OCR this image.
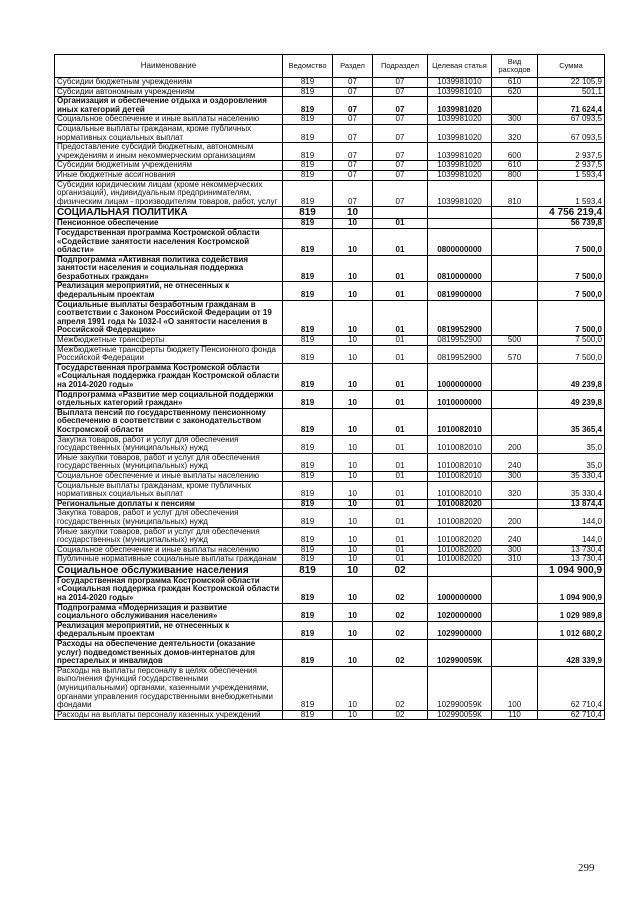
Наименование	Ведомство	Раздел	Подраздел	Целевая статья	Вид расходов	Сумма
Субсидии бюджетным учреждениям	819	07	07	1039981010	610	22 105,9
Субсидии автономным учреждениям	819	07	07	1039981010	620	501,1
Организация и обеспечение отдыха и оздоровления иных категорий детей	819	07	07	1039981020		71 624,4
Социальное обеспечение и иные выплаты населению	819	07	07	1039981020	300	67 093,5
Социальные выплаты гражданам, кроме публичных нормативных социальных выплат	819	07	07	1039981020	320	67 093,5
Предоставление субсидий бюджетным, автономным учреждениям и иным некоммерческим организациям	819	07	07	1039981020	600	2 937,5
Субсидии бюджетным учреждениям	819	07	07	1039981020	610	2 937,5
Иные бюджетные ассигнования	819	07	07	1039981020	800	1 593,4
Субсидии юридическим лицам (кроме некоммерческих организаций), индивидуальным предпринимателям, физическим лицам - производителям товаров, работ, услуг	819	07	07	1039981020	810	1 593,4
СОЦИАЛЬНАЯ ПОЛИТИКА	819	10				4 756 219,4
Пенсионное обеспечение	819	10	01			56 739,8
Государственная программа Костромской области «Содействие занятости населения Костромской области»	819	10	01	0800000000		7 500,0
Подпрограмма «Активная политика содействия занятости населения и социальная поддержка безработных граждан»	819	10	01	0810000000		7 500,0
Реализация мероприятий, не отнесенных к федеральным проектам	819	10	01	0819900000		7 500,0
Социальные выплаты безработным гражданам в соответствии с Законом Российской Федерации от 19 апреля 1991 года № 1032-I «О занятости населения в Российской Федерации»	819	10	01	0819952900		7 500,0
Межбюджетные трансферты	819	10	01	0819952900	500	7 500,0
Межбюджетные трансферты бюджету Пенсионного фонда Российской Федерации	819	10	01	0819952900	570	7 500,0
Государственная программа Костромской области «Социальная поддержка граждан Костромской области на 2014-2020 годы»	819	10	01	1000000000		49 239,8
Подпрограмма «Развитие мер социальной поддержки отдельных категорий граждан»	819	10	01	1010000000		49 239,8
Выплата пенсий по государственному пенсионному обеспечению в соответствии с законодательством Костромской области	819	10	01	1010082010		35 365,4
Закупка товаров, работ и услуг для обеспечения государственных (муниципальных) нужд	819	10	01	1010082010	200	35,0
Иные закупки товаров, работ и услуг для обеспечения государственных (муниципальных) нужд	819	10	01	1010082010	240	35,0
Социальное обеспечение и иные выплаты населению	819	10	01	1010082010	300	35 330,4
Социальные выплаты гражданам, кроме публичных нормативных социальных выплат	819	10	01	1010082010	320	35 330,4
Региональные доплаты к пенсиям	819	10	01	1010082020		13 874,4
Закупка товаров, работ и услуг для обеспечения государственных (муниципальных) нужд	819	10	01	1010082020	200	144,0
Иные закупки товаров, работ и услуг для обеспечения государственных (муниципальных) нужд	819	10	01	1010082020	240	144,0
Социальное обеспечение и иные выплаты населению	819	10	01	1010082020	300	13 730,4
Публичные нормативные социальные выплаты гражданам	819	10	01	1010082020	310	13 730,4
Социальное обслуживание населения	819	10	02			1 094 900,9
Государственная программа Костромской области «Социальная поддержка граждан Костромской области на 2014-2020 годы»	819	10	02	1000000000		1 094 900,9
Подпрограмма «Модернизация и развитие социального обслуживания населения»	819	10	02	1020000000		1 029 989,8
Реализация мероприятий, не отнесенных к федеральным проектам	819	10	02	1029900000		1 012 680,2
Расходы на обеспечение деятельности (оказание услуг) подведомственных домов-интернатов для престарелых и инвалидов	819	10	02	102990059К		428 339,9
Расходы на выплаты персоналу в целях обеспечения выполнения функций государственными (муниципальными) органами, казенными учреждениями, органами управления государственными внебюджетными фондами	819	10	02	102990059К	100	62 710,4
Расходы на выплаты персоналу казенных учреждений	819	10	02	102990059К	110	62 710,4
299
